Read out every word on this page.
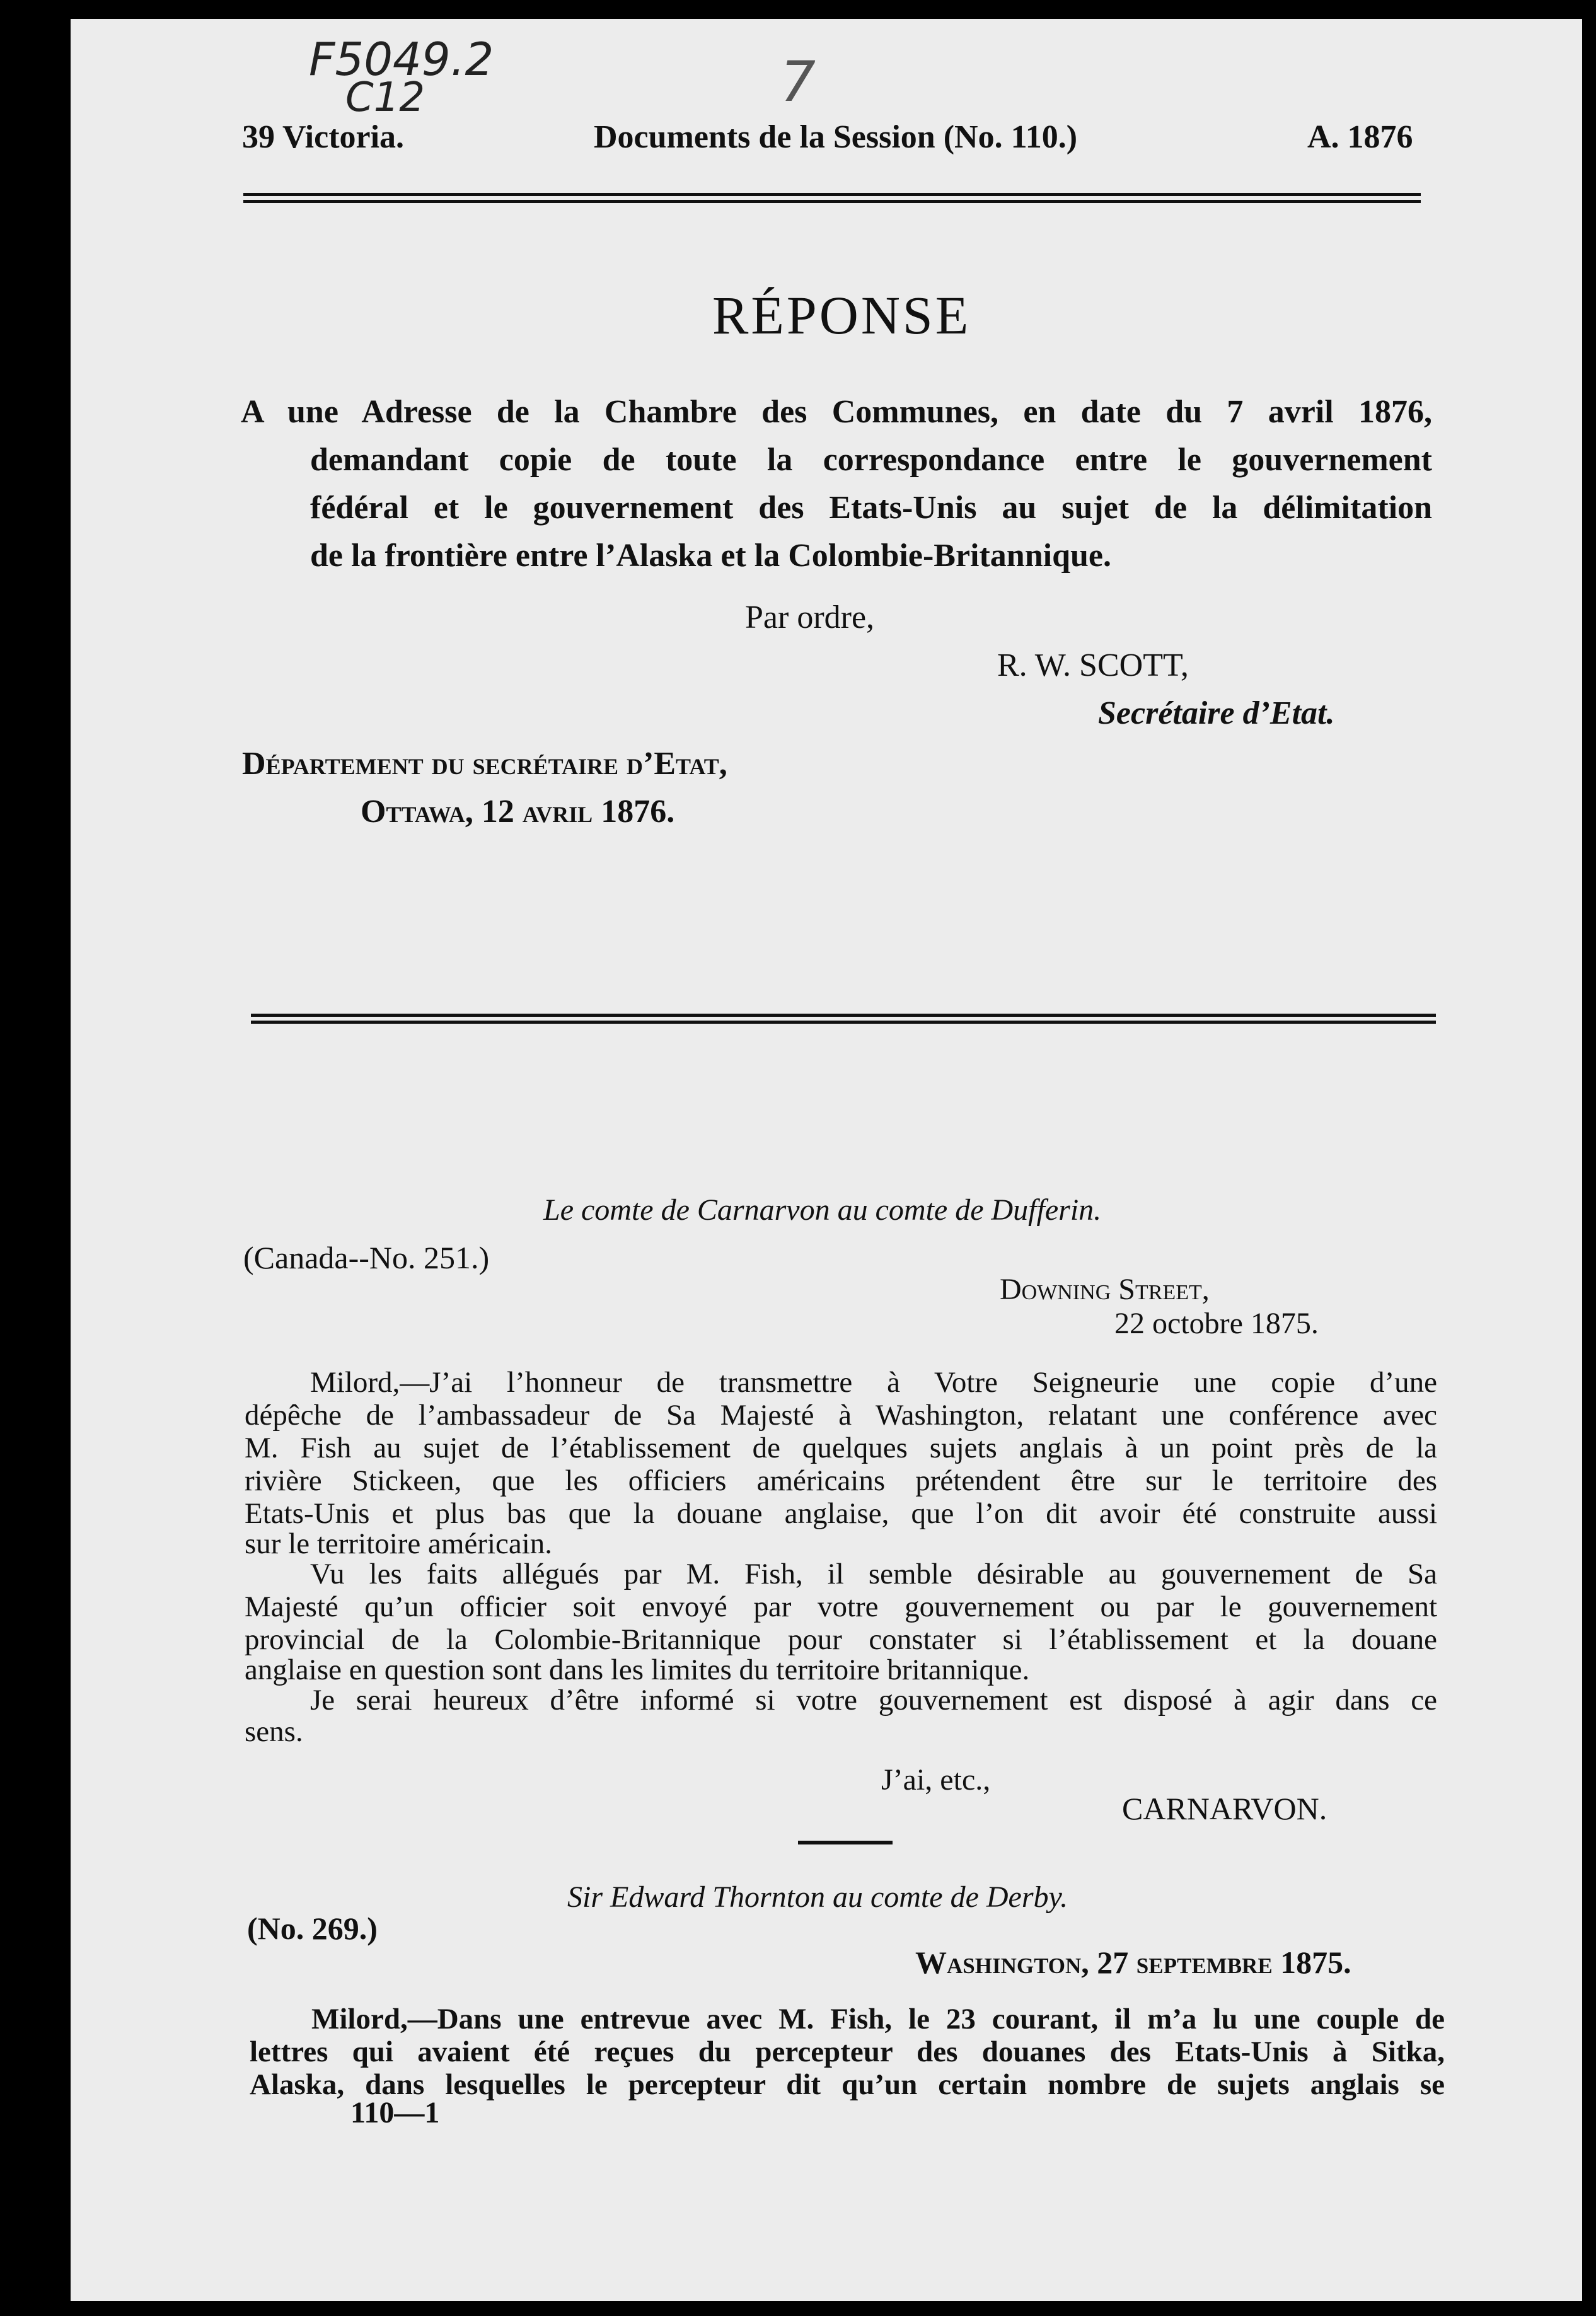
F5049.2
C12	7
39 Victoria.	Documents de la Session (No. 110.)	A. 1876
RÉPONSE
A une Adresse de la Chambre des Communes, en date du 7 avril 1876,
demandant copie de toute la correspondance entre le gouvernement
fédéral et le gouvernement des Etats-Unis au sujet de la délimitation
de la frontière entre l’Alaska et la Colombie-Britannique.
Par ordre,
R. W. SCOTT,
Secrétaire d’Etat.
Département du secrétaire d’Etat,
Ottawa, 12 avril 1876.
Le comte de Carnarvon au comte de Dufferin.
(Canada--No. 251.)
Downing Street,
22 octobre 1875.
Milord,—J’ai l’honneur de transmettre à Votre Seigneurie une copie d’une
dépêche de l’ambassadeur de Sa Majesté à Washington, relatant une conférence avec
M. Fish au sujet de l’établissement de quelques sujets anglais à un point près de la
rivière Stickeen, que les officiers américains prétendent être sur le territoire des
Etats-Unis et plus bas que la douane anglaise, que l’on dit avoir été construite aussi
sur le territoire américain.
Vu les faits allégués par M. Fish, il semble désirable au gouvernement de Sa
Majesté qu’un officier soit envoyé par votre gouvernement ou par le gouvernement
provincial de la Colombie-Britannique pour constater si l’établissement et la douane
anglaise en question sont dans les limites du territoire britannique.
Je serai heureux d’être informé si votre gouvernement est disposé à agir dans ce
sens.
J’ai, etc.,
CARNARVON.
Sir Edward Thornton au comte de Derby.
(No. 269.)
Washington, 27 septembre 1875.
Milord,—Dans une entrevue avec M. Fish, le 23 courant, il m’a lu une couple de
lettres qui avaient été reçues du percepteur des douanes des Etats-Unis à Sitka,
Alaska, dans lesquelles le percepteur dit qu’un certain nombre de sujets anglais se
110—1
